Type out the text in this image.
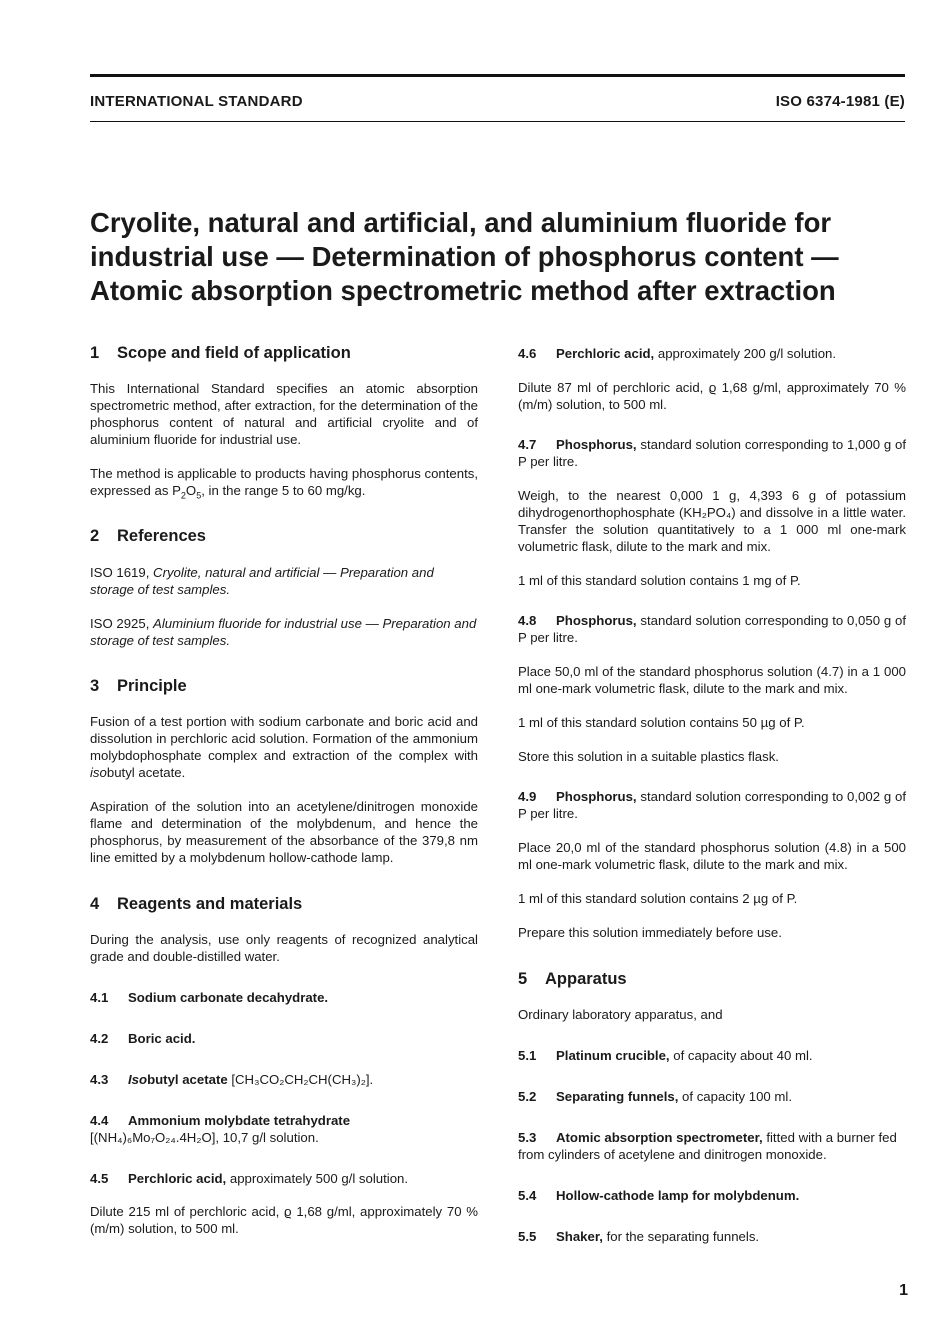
INTERNATIONAL STANDARD	ISO 6374-1981 (E)
Cryolite, natural and artificial, and aluminium fluoride for industrial use — Determination of phosphorus content — Atomic absorption spectrometric method after extraction
1 Scope and field of application

This International Standard specifies an atomic absorption spectrometric method, after extraction, for the determination of the phosphorus content of natural and artificial cryolite and of aluminium fluoride for industrial use.

The method is applicable to products having phosphorus contents, expressed as $P_2O_5$, in the range 5 to 60 mg/kg.

2 References

ISO 1619, Cryolite, natural and artificial — Preparation and storage of test samples.

ISO 2925, Aluminium fluoride for industrial use — Preparation and storage of test samples.

3 Principle

Fusion of a test portion with sodium carbonate and boric acid and dissolution in perchloric acid solution. Formation of the ammonium molybdophosphate complex and extraction of the complex with isobutyl acetate.

Aspiration of the solution into an acetylene/dinitrogen monoxide flame and determination of the molybdenum, and hence the phosphorus, by measurement of the absorbance of the 379,8 nm line emitted by a molybdenum hollow-cathode lamp.

4 Reagents and materials

During the analysis, use only reagents of recognized analytical grade and double-distilled water.

4.1 Sodium carbonate decahydrate.

4.2 Boric acid.

4.3 Isobutyl acetate [CH₃CO₂CH₂CH(CH₃)₂].

4.4 Ammonium molybdate tetrahydrate
[(NH₄)₆Mo₇O₂₄.4H₂O], 10,7 g/l solution.

4.5 Perchloric acid, approximately 500 g/l solution.

Dilute 215 ml of perchloric acid, ϱ 1,68 g/ml, approximately 70 % (m/m) solution, to 500 ml.

4.6 Perchloric acid, approximately 200 g/l solution.

Dilute 87 ml of perchloric acid, ϱ 1,68 g/ml, approximately 70 % (m/m) solution, to 500 ml.

4.7 Phosphorus, standard solution corresponding to 1,000 g of P per litre.

Weigh, to the nearest 0,000 1 g, 4,393 6 g of potassium dihydrogenorthophosphate (KH₂PO₄) and dissolve in a little water. Transfer the solution quantitatively to a 1 000 ml one-mark volumetric flask, dilute to the mark and mix.

1 ml of this standard solution contains 1 mg of P.

4.8 Phosphorus, standard solution corresponding to 0,050 g of P per litre.

Place 50,0 ml of the standard phosphorus solution (4.7) in a 1 000 ml one-mark volumetric flask, dilute to the mark and mix.

1 ml of this standard solution contains 50 µg of P.

Store this solution in a suitable plastics flask.

4.9 Phosphorus, standard solution corresponding to 0,002 g of P per litre.

Place 20,0 ml of the standard phosphorus solution (4.8) in a 500 ml one-mark volumetric flask, dilute to the mark and mix.

1 ml of this standard solution contains 2 µg of P.

Prepare this solution immediately before use.

5 Apparatus

Ordinary laboratory apparatus, and

5.1 Platinum crucible, of capacity about 40 ml.

5.2 Separating funnels, of capacity 100 ml.

5.3 Atomic absorption spectrometer, fitted with a burner fed from cylinders of acetylene and dinitrogen monoxide.

5.4 Hollow-cathode lamp for molybdenum.

5.5 Shaker, for the separating funnels.

1
